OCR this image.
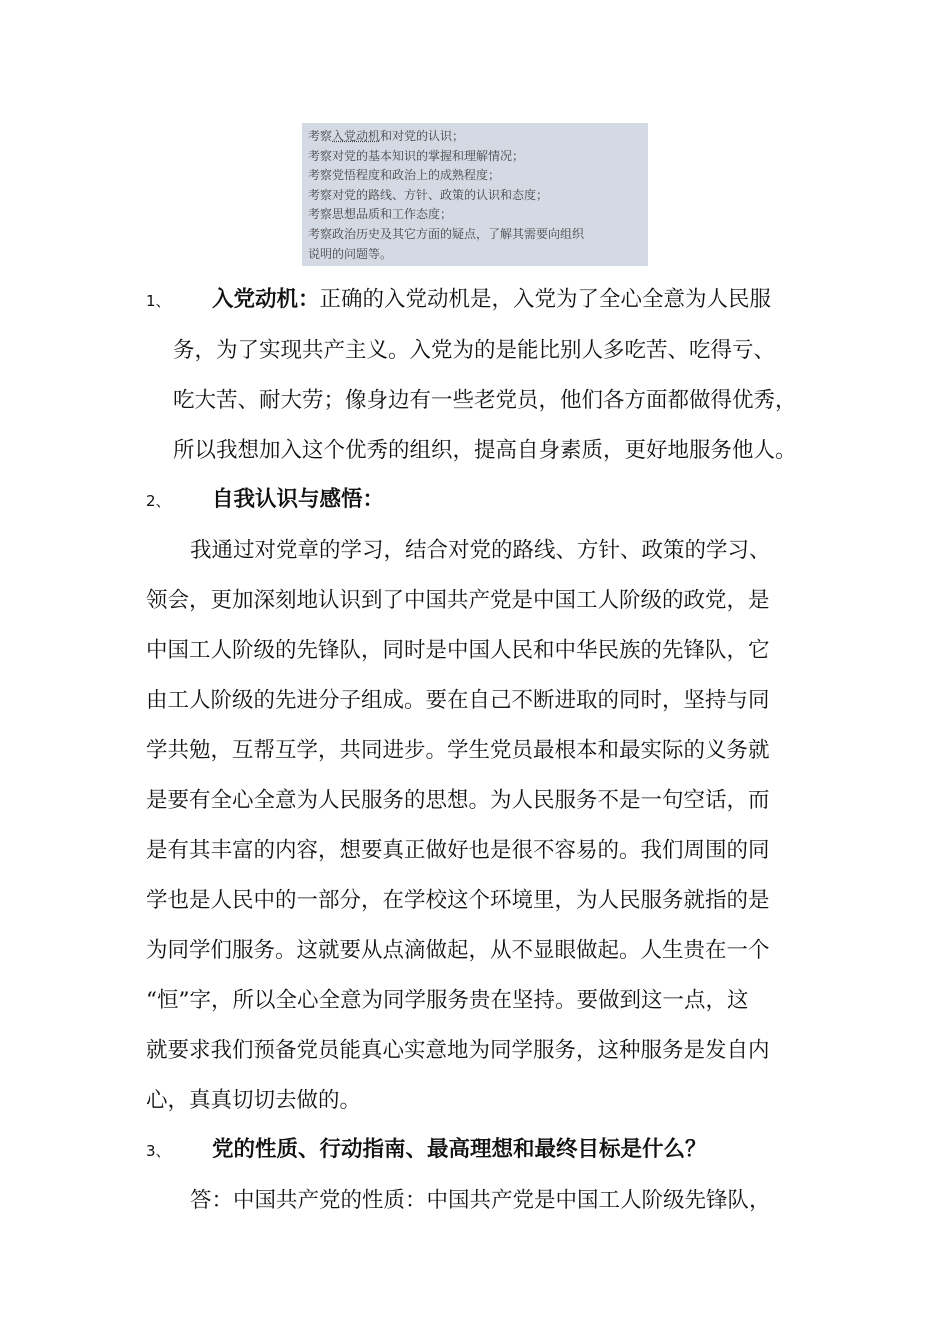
考察入党动机和对党的认识；
考察对党的基本知识的掌握和理解情况；
考察党悟程度和政治上的成熟程度；
考察对党的路线、方针、政策的认识和态度；
考察思想品质和工作态度；
考察政治历史及其它方面的疑点，了解其需要向组织
说明的问题等。
1、 入党动机：正确的入党动机是，入党为了全心全意为人民服
务，为了实现共产主义。入党为的是能比别人多吃苦、吃得亏、
吃大苦、耐大劳；像身边有一些老党员，他们各方面都做得优秀，
所以我想加入这个优秀的组织，提高自身素质，更好地服务他人。
2、 自我认识与感悟：
我通过对党章的学习，结合对党的路线、方针、政策的学习、
领会，更加深刻地认识到了中国共产党是中国工人阶级的政党，是
中国工人阶级的先锋队，同时是中国人民和中华民族的先锋队，它
由工人阶级的先进分子组成。要在自己不断进取的同时，坚持与同
学共勉，互帮互学，共同进步。学生党员最根本和最实际的义务就
是要有全心全意为人民服务的思想。为人民服务不是一句空话，而
是有其丰富的内容，想要真正做好也是很不容易的。我们周围的同
学也是人民中的一部分，在学校这个环境里，为人民服务就指的是
为同学们服务。这就要从点滴做起，从不显眼做起。人生贵在一个
“恒”字，所以全心全意为同学服务贵在坚持。要做到这一点，这
就要求我们预备党员能真心实意地为同学服务，这种服务是发自内
心，真真切切去做的。
3、 党的性质、行动指南、最高理想和最终目标是什么？
答：中国共产党的性质：中国共产党是中国工人阶级先锋队，
